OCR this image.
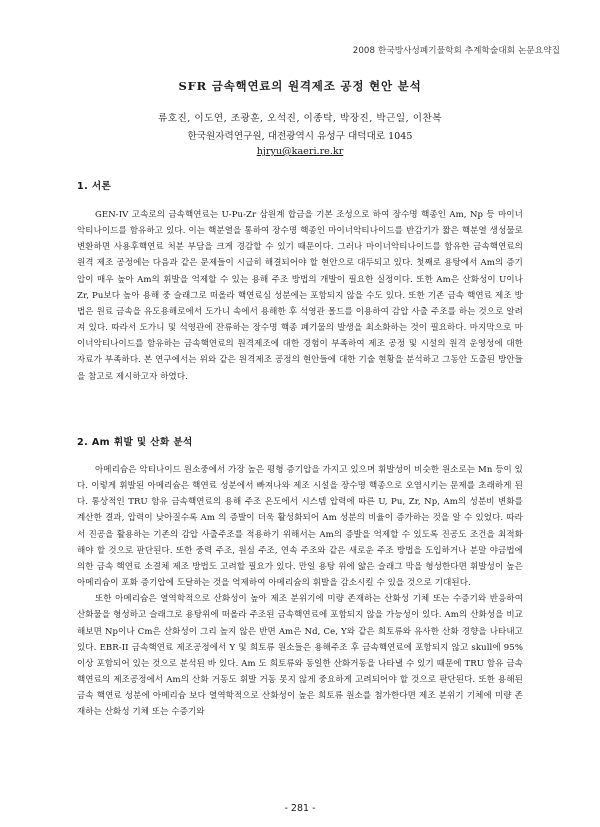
2008 한국방사성폐기물학회 추계학술대회 논문요약집
SFR 금속핵연료의 원격제조 공정 현안 분석
류호진, 이도연, 조광훈, 오석진, 이종탁, 박장진, 박근일, 이찬복
한국원자력연구원, 대전광역시 유성구 대덕대로 1045
hjryu@kaeri.re.kr
1. 서론

GEN-IV 고속로의 금속핵연료는 U-Pu-Zr 삼원계 합금을 기본 조성으로 하여 장수명 핵종인 Am, Np 등 마이너악티나이드를 함유하고 있다. 이는 핵분열을 통하여 장수명 핵종인 마이너악티나이드를 반감기가 짧은 핵분열 생성물로 변환하면 사용후핵연료 처분 부담을 크게 경감할 수 있기 때문이다. 그러나 마이너악티나이드를 함유한 금속핵연료의 원격 제조 공정에는 다음과 같은 문제들이 시급히 해결되어야 할 현안으로 대두되고 있다. 첫째로 용탕에서 Am의 증기압이 매우 높아 Am의 휘발을 억제할 수 있는 용해 주조 방법의 개발이 필요한 실정이다. 또한 Am은 산화성이 U이나 Zr, Pu보다 높아 용해 중 슬래그로 떠올라 핵연료심 성분에는 포함되지 않을 수도 있다. 또한 기존 금속 핵연료 제조 방법은 원료 금속을 유도용해로에서 도가니 속에서 용해한 후 석영관 몰드를 이용하여 감압 사출 주조를 하는 것으로 알려져 있다. 따라서 도가니 및 석영관에 잔류하는 장수명 핵종 폐기물의 발생을 최소화하는 것이 필요하다. 마지막으로 마이너악티나이드를 함유하는 금속핵연료의 원격제조에 대한 경험이 부족하여 제조 공정 및 시설의 원격 운영성에 대한 자료가 부족하다. 본 연구에서는 위와 같은 원격제조 공정의 현안들에 대한 기술 현황을 분석하고 그동안 도출된 방안들을 참고로 제시하고자 하였다.

2. Am 휘발 및 산화 분석

아메리슘은 악티나이드 원소중에서 가장 높은 평형 증기압을 가지고 있으며 휘발성이 비슷한 원소로는 Mn 등이 있다. 이렇게 휘발된 아메리슘은 핵연료 성분에서 빠져나와 제조 시설을 장수명 핵종으로 오염시키는 문제를 초래하게 된다. 통상적인 TRU 함유 금속핵연료의 용해 주조 온도에서 시스템 압력에 따른 U, Pu, Zr, Np, Am의 성분비 변화를 계산한 결과, 압력이 낮아질수록 Am 의 증발이 더욱 활성화되어 Am 성분의 비율이 증가하는 것을 알 수 있었다. 따라서 진공을 활용하는 기존의 감압 사출주조를 적용하기 위해서는 Am의 증발을 억제할 수 있도록 진공도 조건을 최적화해야 할 것으로 판단된다. 또한 중력 주조, 원심 주조, 연속 주조와 같은 새로운 주조 방법을 도입하거나 분말 야금법에 의한 금속 핵연료 소결체 제조 방법도 고려할 필요가 있다. 만일 용탕 위에 얇은 슬래그 막을 형성한다면 휘발성이 높은 아메리슘이 포화 증기압에 도달하는 것을 억제하여 아메리슘의 휘발을 감소시킬 수 있을 것으로 기대된다.

또한 아메리슘은 열역학적으로 산화성이 높아 제조 분위기에 미량 존재하는 산화성 기체 또는 수증기와 반응하여 산화물을 형성하고 슬래그로 용탕위에 떠올라 주조된 금속핵연료에 포함되지 않을 가능성이 있다. Am의 산화성을 비교해보면 Np이나 Cm은 산화성이 그리 높지 않은 반면 Am은 Nd, Ce, Y와 같은 희토류와 유사한 산화 경향을 나타내고 있다. EBR-II 금속핵연료 제조공정에서 Y 및 희토류 원소들은 용해주조 후 금속핵연료에 포함되지 않고 skull에 95% 이상 포함되어 있는 것으로 분석된 바 있다. Am 도 희토류와 동일한 산화거동을 나타낼 수 있기 때문에 TRU 함유 금속핵연료의 제조공정에서 Am의 산화 거동도 휘발 거동 못지 않게 중요하게 고려되어야 할 것으로 판단된다. 또한 용해된 금속 핵연료 성분에 아메리슘 보다 열역학적으로 산화성이 높은 희토류 원소를 첨가한다면 제조 분위기 기체에 미량 존재하는 산화성 기체 또는 수증기와

- 281 -
